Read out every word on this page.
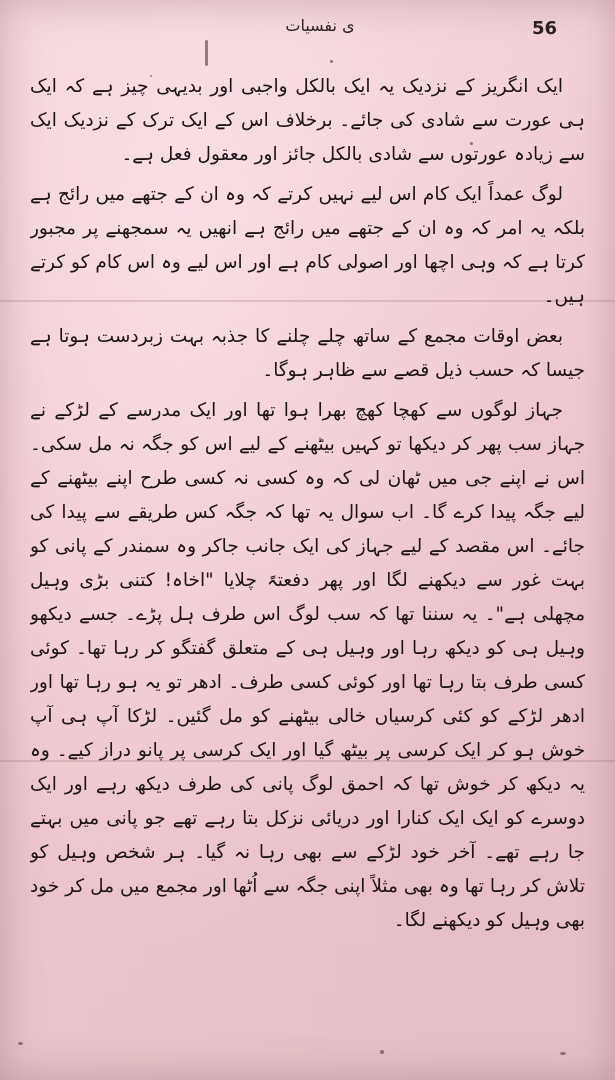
ی نفسیات	56

ایک انگریز کے نزدیک یہ ایک بالکل واجبی اور بدیہی چیز ہے کہ ایک ہی عورت سے شادی کی جائے۔ برخلاف اس کے ایک ترک کے نزدیک ایک سے زیادہ عورتوں سے شادی بالکل جائز اور معقول فعل ہے۔

لوگ عمداً ایک کام اس لیے نہیں کرتے کہ وہ ان کے جتھے میں رائج ہے بلکہ یہ امر کہ وہ ان کے جتھے میں رائج ہے انھیں یہ سمجھنے پر مجبور کرتا ہے کہ وہی اچھا اور اصولی کام ہے اور اس لیے وہ اس کام کو کرتے ہیں۔

بعض اوقات مجمع کے ساتھ چلے چلنے کا جذبہ بہت زبردست ہوتا ہے جیسا کہ حسب ذیل قصے سے ظاہر ہوگا۔

جہاز لوگوں سے کھچا کھچ بھرا ہوا تھا اور ایک مدرسے کے لڑکے نے جہاز سب پھر کر دیکھا تو کہیں بیٹھنے کے لیے اس کو جگہ نہ مل سکی۔ اس نے اپنے جی میں ٹھان لی کہ وہ کسی نہ کسی طرح اپنے بیٹھنے کے لیے جگہ پیدا کرے گا۔ اب سوال یہ تھا کہ جگہ کس طریقے سے پیدا کی جائے۔ اس مقصد کے لیے جہاز کی ایک جانب جاکر وہ سمندر کے پانی کو بہت غور سے دیکھنے لگا اور پھر دفعتہً چلایا "اخاہ! کتنی بڑی وہیل مچھلی ہے"۔ یہ سننا تھا کہ سب لوگ اس طرف ہل پڑے۔ جسے دیکھو وہیل ہی کو دیکھ رہا اور وہیل ہی کے متعلق گفتگو کر رہا تھا۔ کوئی کسی طرف بتا رہا تھا اور کوئی کسی طرف۔ ادھر تو یہ ہو رہا تھا اور ادھر لڑکے کو کئی کرسیاں خالی بیٹھنے کو مل گئیں۔ لڑکا آپ ہی آپ خوش ہو کر ایک کرسی پر بیٹھ گیا اور ایک کرسی پر پانو دراز کیے۔ وہ یہ دیکھ کر خوش تھا کہ احمق لوگ پانی کی طرف دیکھ رہے اور ایک دوسرے کو ایک ایک کنارا اور دریائی نزکل بتا رہے تھے جو پانی میں بہتے جا رہے تھے۔ آخر خود لڑکے سے بھی رہا نہ گیا۔ ہر شخص وہیل کو تلاش کر رہا تھا وہ بھی مثلاً اپنی جگہ سے اُٹھا اور مجمع میں مل کر خود بھی وہیل کو دیکھنے لگا۔
